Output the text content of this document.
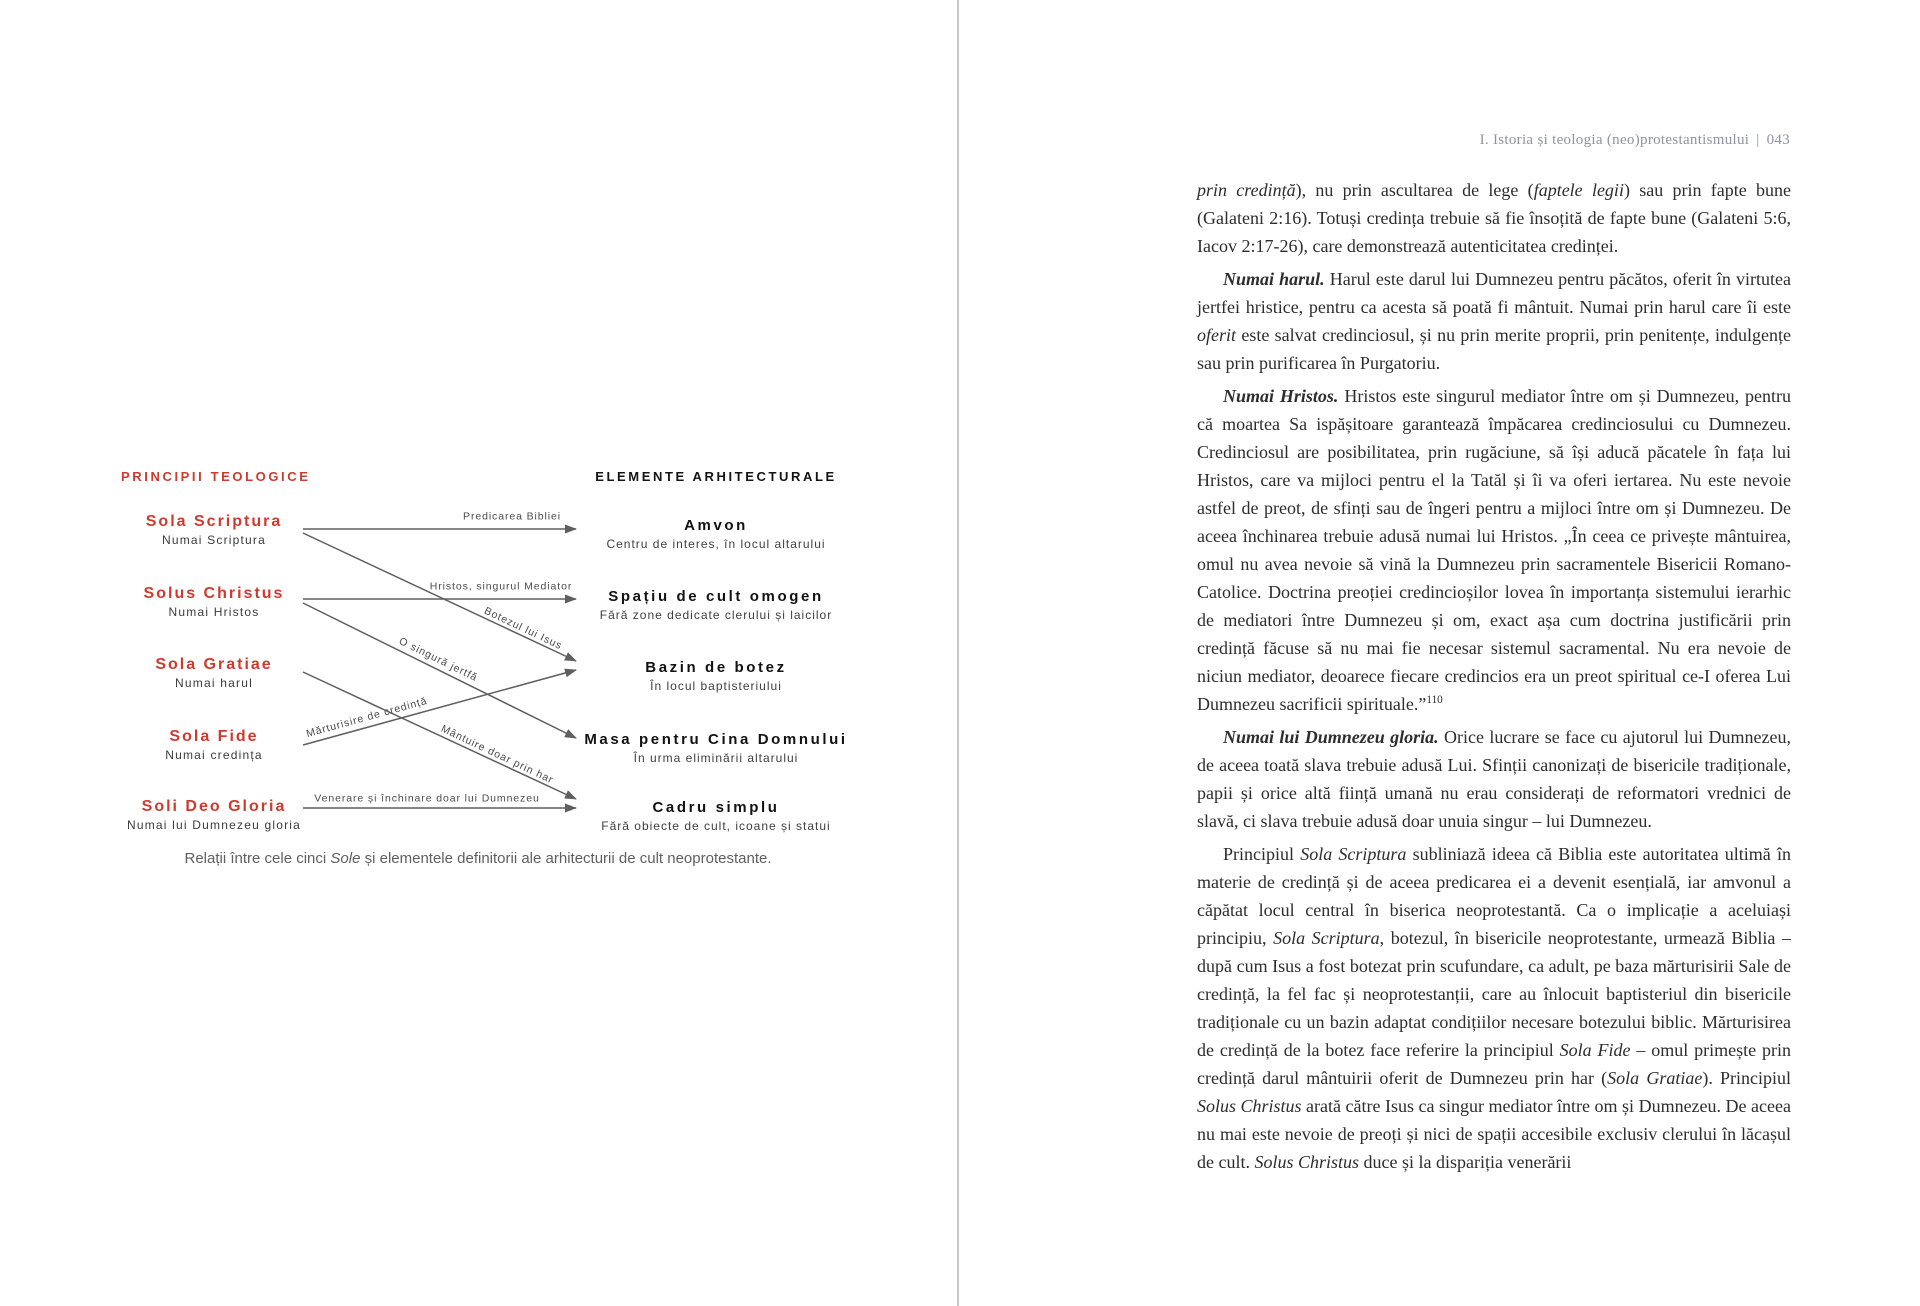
PRINCIPII TEOLOGICE	ELEMENTE ARHITECTURALE
Sola Scriptura
Numai Scriptura
Solus Christus
Numai Hristos
Sola Gratiae
Numai harul
Sola Fide
Numai credința
Soli Deo Gloria
Numai lui Dumnezeu gloria
Amvon
Centru de interes, în locul altarului
Spațiu de cult omogen
Fără zone dedicate clerului și laicilor
Bazin de botez
În locul baptisteriului
Masa pentru Cina Domnului
În urma eliminării altarului
Cadru simplu
Fără obiecte de cult, icoane și statui
Predicarea Bibliei
Botezul lui Isus
Hristos, singurul Mediator
O singură jertfă
Mântuire doar prin har
Mărturisire de credință
Venerare și închinare doar lui Dumnezeu
Relații între cele cinci Sole și elementele definitorii ale arhitecturii de cult neoprotestante.
I. Istoria și teologia (neo)protestantismului | 043

prin credință), nu prin ascultarea de lege (faptele legii) sau prin fapte bune (Galateni 2:16). Totuși credința trebuie să fie însoțită de fapte bune (Galateni 5:6, Iacov 2:17-26), care demonstrează autenticitatea credinței.

Numai harul. Harul este darul lui Dumnezeu pentru păcătos, oferit în virtutea jertfei hristice, pentru ca acesta să poată fi mântuit. Numai prin harul care îi este oferit este salvat credinciosul, și nu prin merite proprii, prin penitențe, indulgențe sau prin purificarea în Purgatoriu.

Numai Hristos. Hristos este singurul mediator între om și Dumnezeu, pentru că moartea Sa ispășitoare garantează împăcarea credinciosului cu Dumnezeu. Credinciosul are posibilitatea, prin rugăciune, să își aducă păcatele în fața lui Hristos, care va mijloci pentru el la Tatăl și îi va oferi iertarea. Nu este nevoie astfel de preot, de sfinți sau de îngeri pentru a mijloci între om și Dumnezeu. De aceea închinarea trebuie adusă numai lui Hristos. „În ceea ce privește mântuirea, omul nu avea nevoie să vină la Dumnezeu prin sacramentele Bisericii Romano-Catolice. Doctrina preoției credincioșilor lovea în importanța sistemului ierarhic de mediatori între Dumnezeu și om, exact așa cum doctrina justificării prin credință făcuse să nu mai fie necesar sistemul sacramental. Nu era nevoie de niciun mediator, deoarece fiecare credincios era un preot spiritual ce-I oferea Lui Dumnezeu sacrificii spirituale.”$^{110}$

Numai lui Dumnezeu gloria. Orice lucrare se face cu ajutorul lui Dumnezeu, de aceea toată slava trebuie adusă Lui. Sfinții canonizați de bisericile tradiționale, papii și orice altă ființă umană nu erau considerați de reformatori vrednici de slavă, ci slava trebuie adusă doar unuia singur – lui Dumnezeu.

Principiul Sola Scriptura subliniază ideea că Biblia este autoritatea ultimă în materie de credință și de aceea predicarea ei a devenit esențială, iar amvonul a căpătat locul central în biserica neoprotestantă. Ca o implicație a aceluiași principiu, Sola Scriptura, botezul, în bisericile neoprotestante, urmează Biblia – după cum Isus a fost botezat prin scufundare, ca adult, pe baza mărturisirii Sale de credință, la fel fac și neoprotestanții, care au înlocuit baptisteriul din bisericile tradiționale cu un bazin adaptat condițiilor necesare botezului biblic. Mărturisirea de credință de la botez face referire la principiul Sola Fide – omul primește prin credință darul mântuirii oferit de Dumnezeu prin har (Sola Gratiae). Principiul Solus Christus arată către Isus ca singur mediator între om și Dumnezeu. De aceea nu mai este nevoie de preoți și nici de spații accesibile exclusiv clerului în lăcașul de cult. Solus Christus duce și la dispariția venerării
